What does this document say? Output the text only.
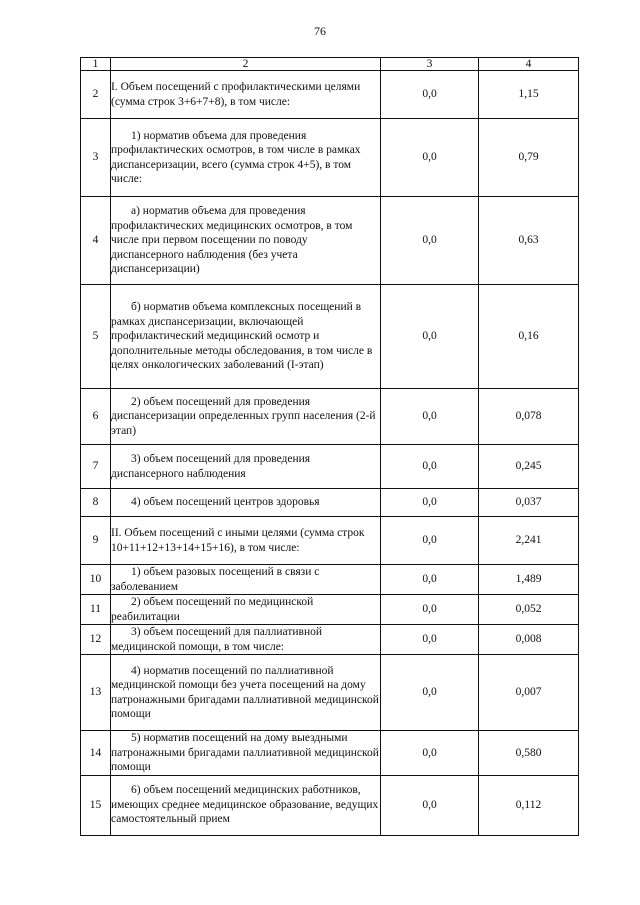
76
1	2	3	4
2	I. Объем посещений с профилактическими целями (сумма строк 3+6+7+8), в том числе:	0,0	1,15
3	1) норматив объема для проведения профилактических осмотров, в том числе в рамках диспансеризации, всего (сумма строк 4+5), в том числе:	0,0	0,79
4	а) норматив объема для проведения профилактических медицинских осмотров, в том числе при первом посещении по поводу диспансерного наблюдения (без учета диспансеризации)	0,0	0,63
5	б) норматив объема комплексных посещений в рамках диспансеризации, включающей профилактический медицинский осмотр и дополнительные методы обследования, в том числе в целях онкологических заболеваний (I-этап)	0,0	0,16
6	2) объем посещений для проведения диспансеризации определенных групп населения (2-й этап)	0,0	0,078
7	3) объем посещений для проведения диспансерного наблюдения	0,0	0,245
8	4) объем посещений центров здоровья	0,0	0,037
9	II. Объем посещений с иными целями (сумма строк 10+11+12+13+14+15+16), в том числе:	0,0	2,241
10	1) объем разовых посещений в связи с заболеванием	0,0	1,489
11	2) объем посещений по медицинской реабилитации	0,0	0,052
12	3) объем посещений для паллиативной медицинской помощи, в том числе:	0,0	0,008
13	4) норматив посещений по паллиативной медицинской помощи без учета посещений на дому патронажными бригадами паллиативной медицинской помощи	0,0	0,007
14	5) норматив посещений на дому выездными патронажными бригадами паллиативной медицинской помощи	0,0	0,580
15	6) объем посещений медицинских работников, имеющих среднее медицинское образование, ведущих самостоятельный прием	0,0	0,112
